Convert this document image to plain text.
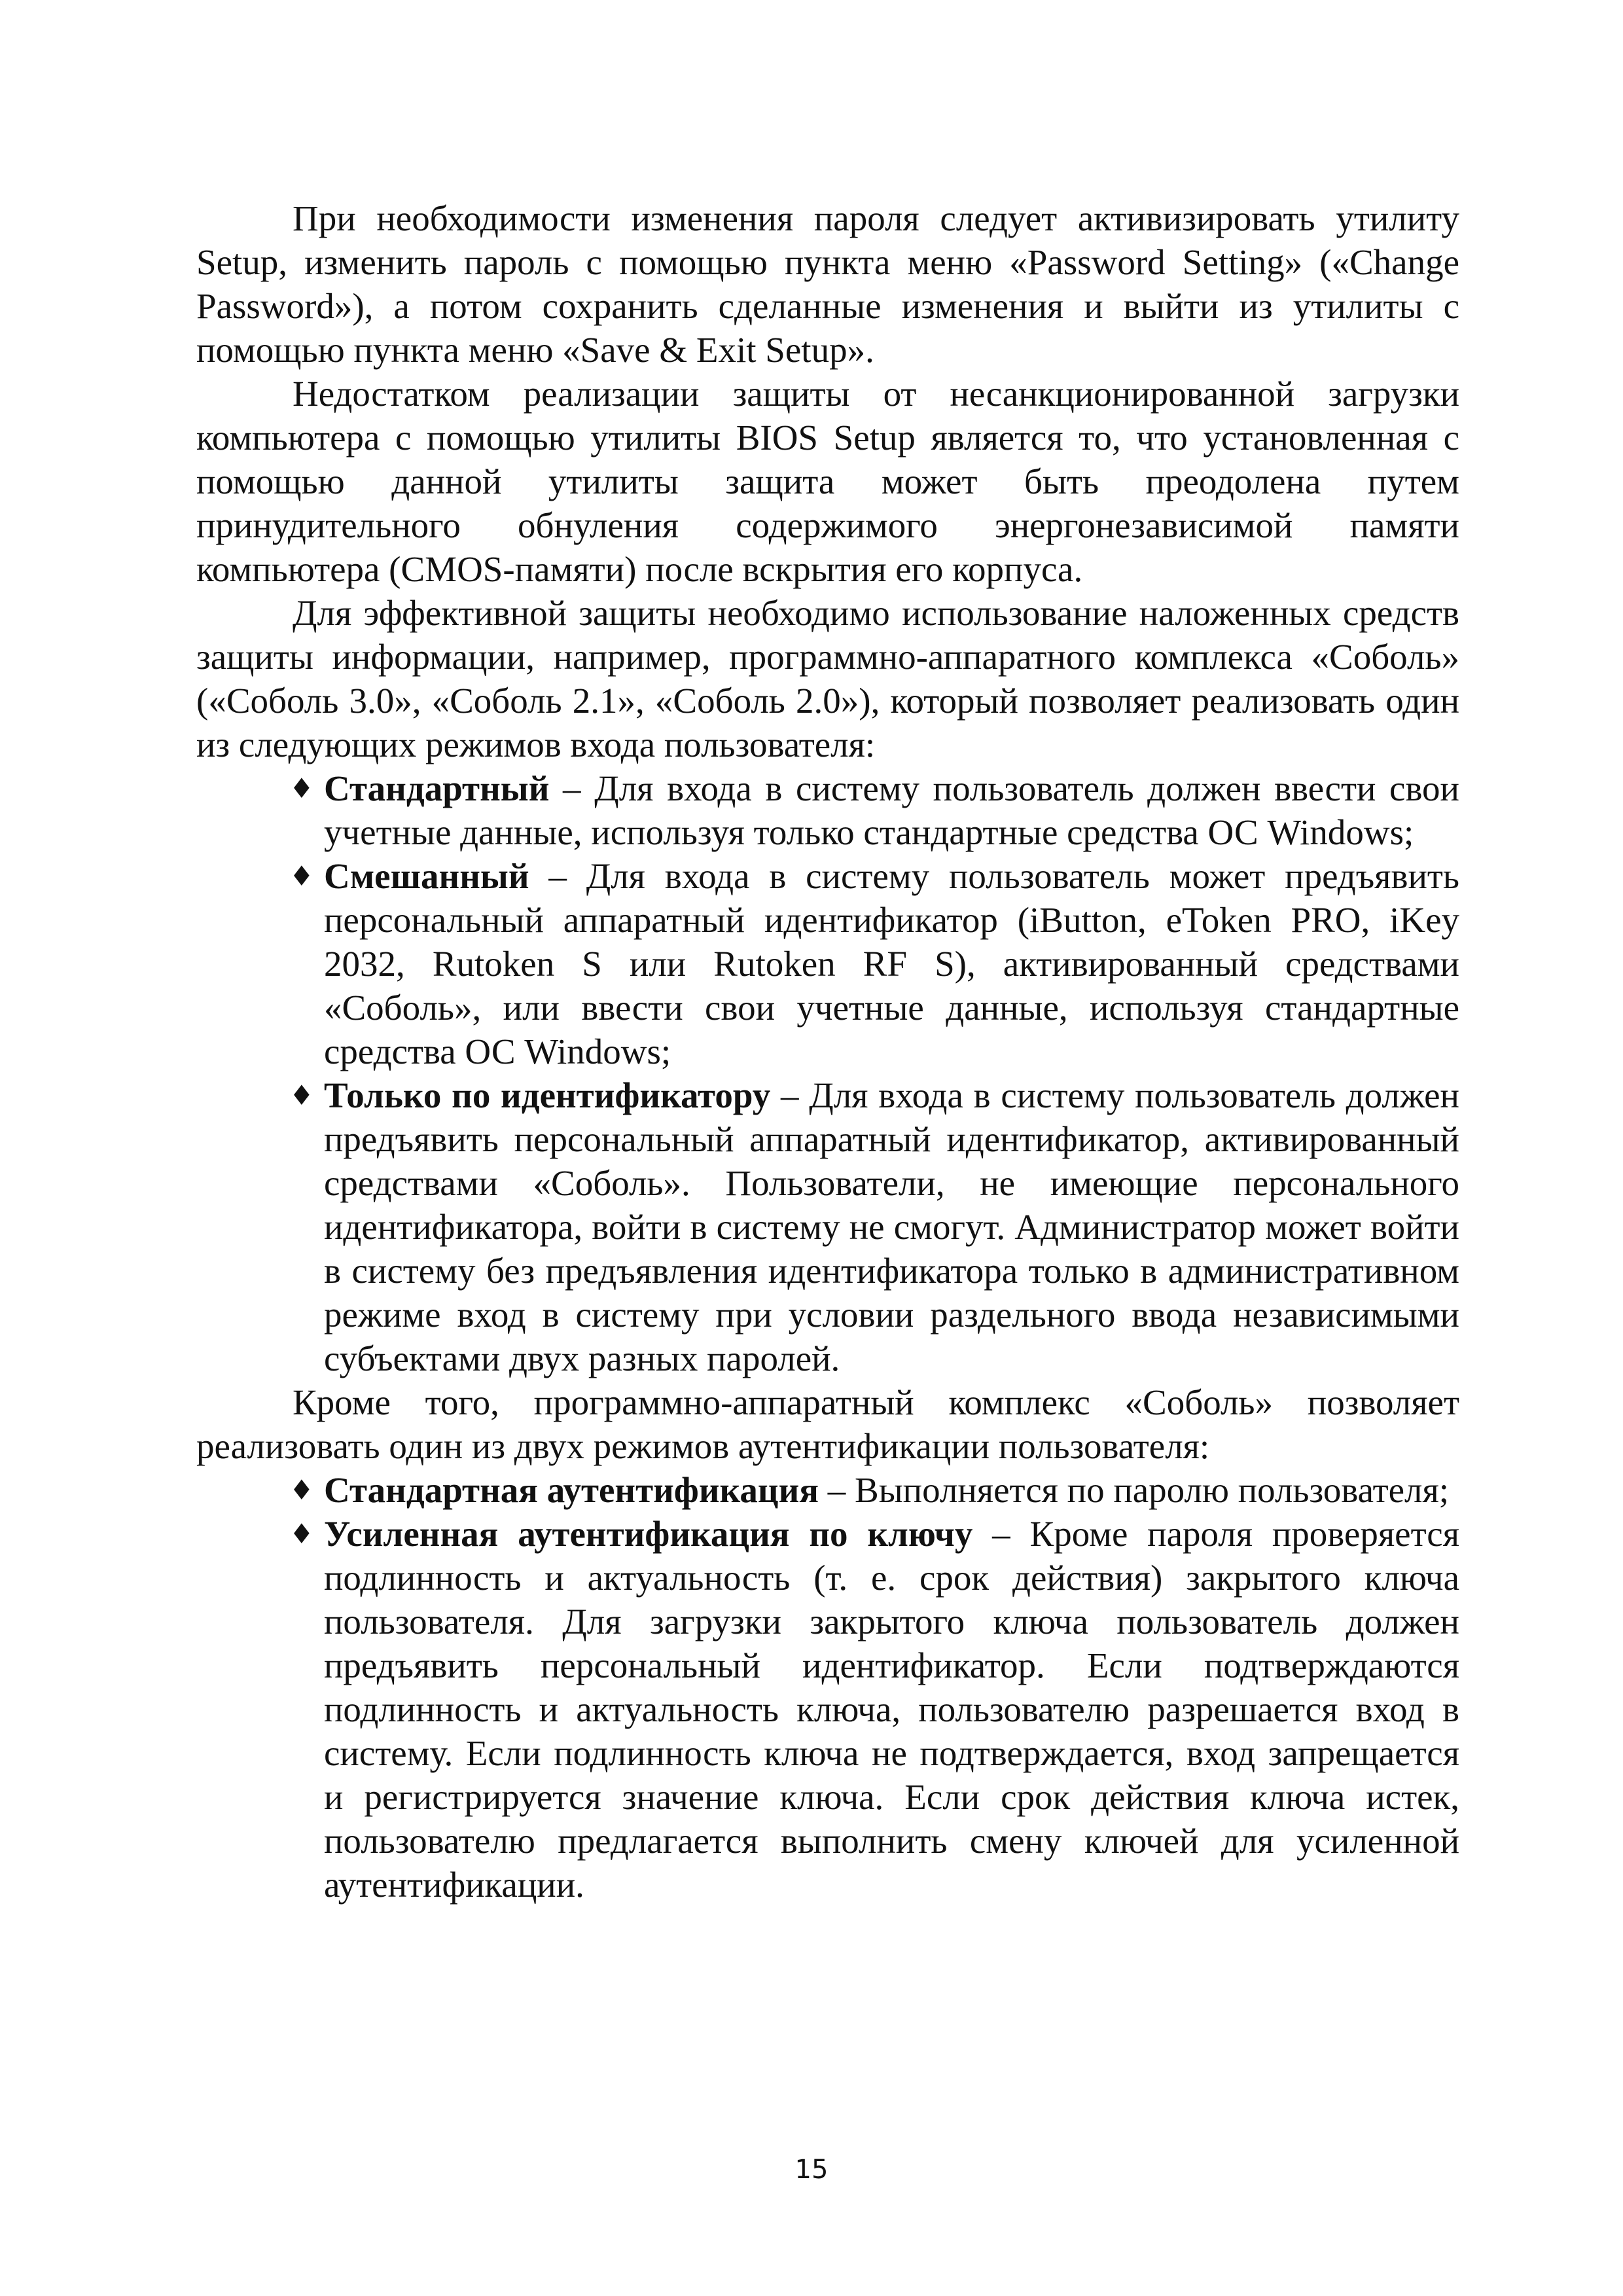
При необходимости изменения пароля следует активизировать утилиту Setup, изменить пароль с помощью пункта меню «Password Setting» («Change Password»), а потом сохранить сделанные изменения и выйти из утилиты с помощью пункта меню «Save & Exit Setup».

Недостатком реализации защиты от несанкционированной загрузки компьютера с помощью утилиты BIOS Setup является то, что установленная с помощью данной утилиты защита может быть преодолена путем принудительного обнуления содержимого энергонезависимой памяти компьютера (CMOS-памяти) после вскрытия его корпуса.

Для эффективной защиты необходимо использование наложенных средств защиты информации, например, программно-аппаратного комплекса «Соболь» («Соболь 3.0», «Соболь 2.1», «Соболь 2.0»), который позволяет реализовать один из следующих режимов входа пользователя:

♦ Стандартный – Для входа в систему пользователь должен ввести свои учетные данные, используя только стандартные средства ОС Windows;
♦ Смешанный – Для входа в систему пользователь может предъявить персональный аппаратный идентификатор (iButton, eToken PRO, iKey 2032, Rutoken S или Rutoken RF S), активированный средствами «Соболь», или ввести свои учетные данные, используя стандартные средства ОС Windows;
♦ Только по идентификатору – Для входа в систему пользователь должен предъявить персональный аппаратный идентификатор, активированный средствами «Соболь». Пользователи, не имеющие персонального идентификатора, войти в систему не смогут. Администратор может войти в систему без предъявления идентификатора только в административном режиме вход в систему при условии раздельного ввода независимыми субъектами двух разных паролей.

Кроме того, программно-аппаратный комплекс «Соболь» позволяет реализовать один из двух режимов аутентификации пользователя:

♦ Стандартная аутентификация – Выполняется по паролю пользователя;
♦ Усиленная аутентификация по ключу – Кроме пароля проверяется подлинность и актуальность (т. е. срок действия) закрытого ключа пользователя. Для загрузки закрытого ключа пользователь должен предъявить персональный идентификатор. Если подтверждаются подлинность и актуальность ключа, пользователю разрешается вход в систему. Если подлинность ключа не подтверждается, вход запрещается и регистрируется значение ключа. Если срок действия ключа истек, пользователю предлагается выполнить смену ключей для усиленной аутентификации.
15
